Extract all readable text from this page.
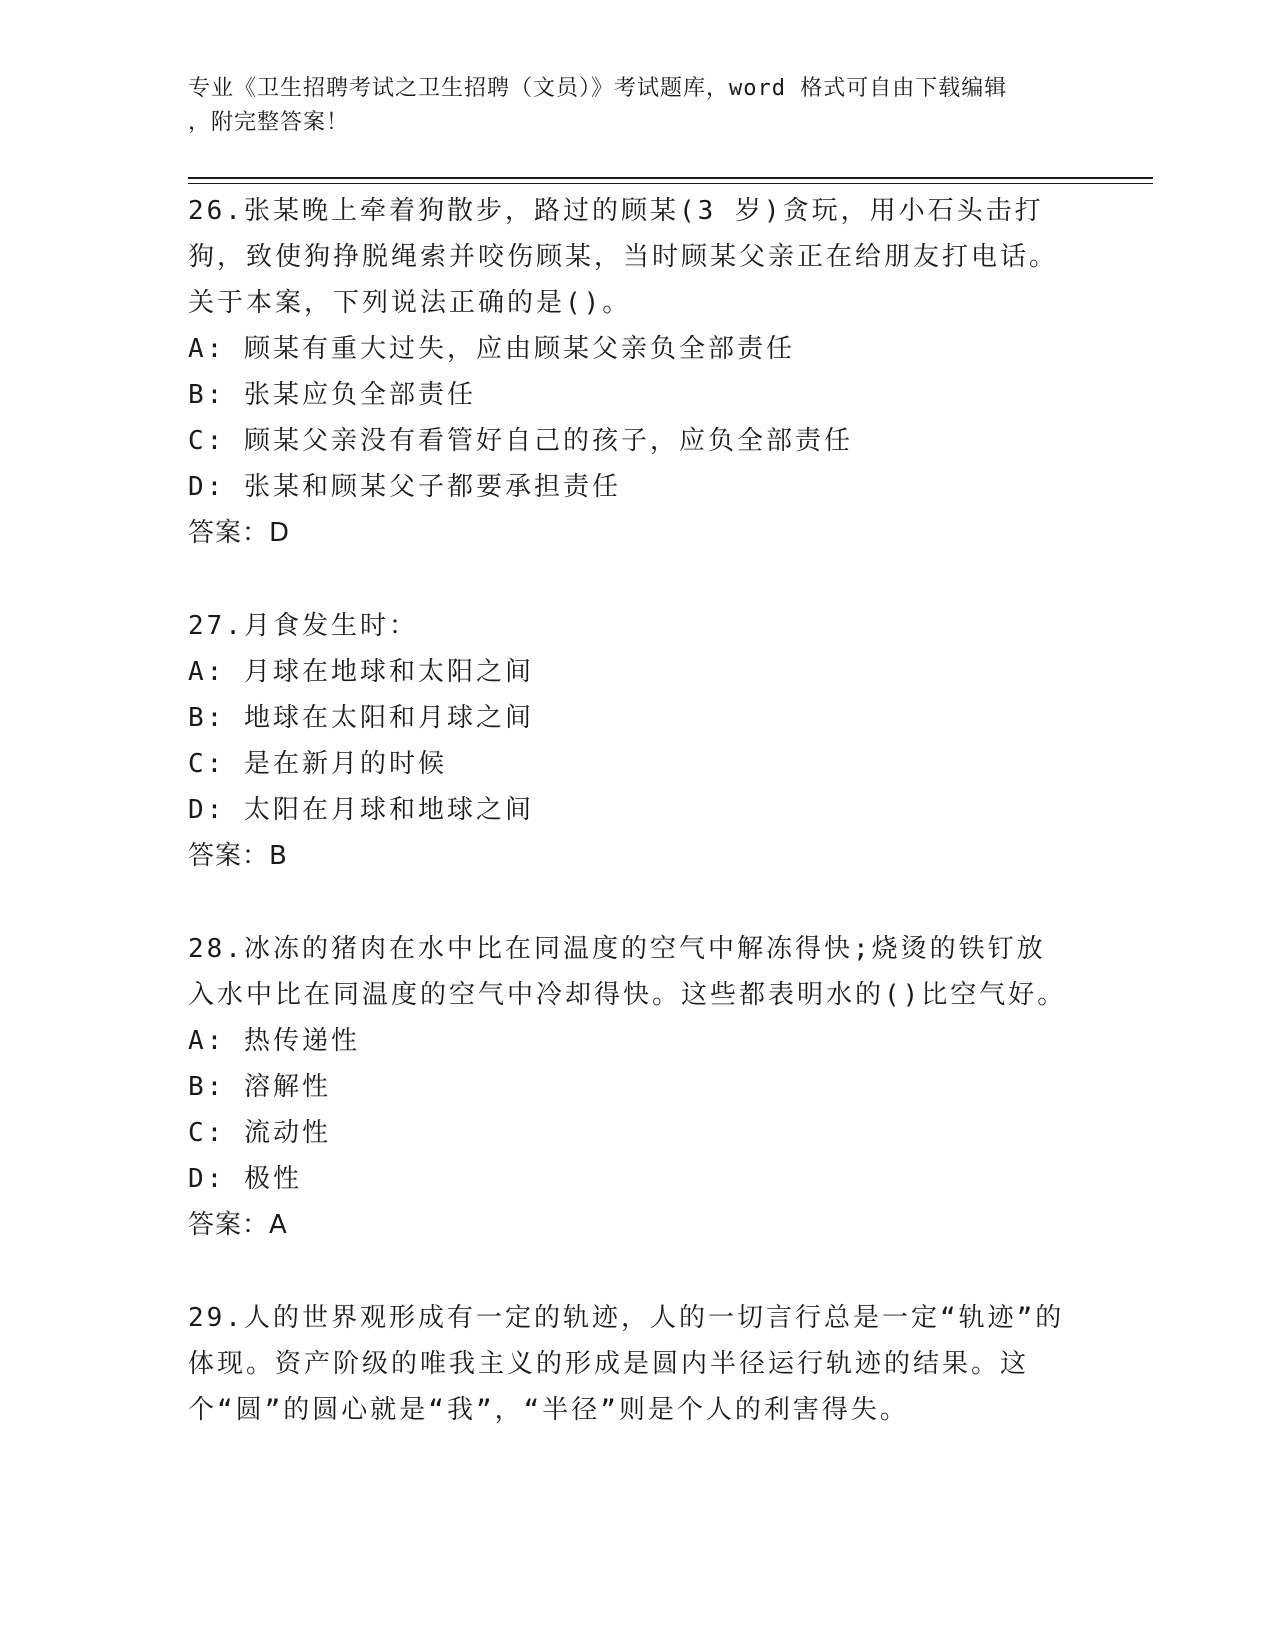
专业《卫生招聘考试之卫生招聘（文员）》考试题库，word 格式可自由下载编辑
，附完整答案！
26.张某晚上牵着狗散步，路过的顾某(3 岁)贪玩，用小石头击打狗，致使狗挣脱绳索并咬伤顾某，当时顾某父亲正在给朋友打电话。关于本案，下列说法正确的是()。
A: 顾某有重大过失，应由顾某父亲负全部责任
B: 张某应负全部责任
C: 顾某父亲没有看管好自己的孩子，应负全部责任
D: 张某和顾某父子都要承担责任
答案：D
27.月食发生时：
A: 月球在地球和太阳之间
B: 地球在太阳和月球之间
C: 是在新月的时候
D: 太阳在月球和地球之间
答案：B
28.冰冻的猪肉在水中比在同温度的空气中解冻得快;烧烫的铁钉放入水中比在同温度的空气中冷却得快。这些都表明水的()比空气好。
A: 热传递性
B: 溶解性
C: 流动性
D: 极性
答案：A
29.人的世界观形成有一定的轨迹，人的一切言行总是一定“轨迹”的体现。资产阶级的唯我主义的形成是圆内半径运行轨迹的结果。这个“圆”的圆心就是“我”，“半径”则是个人的利害得失。
